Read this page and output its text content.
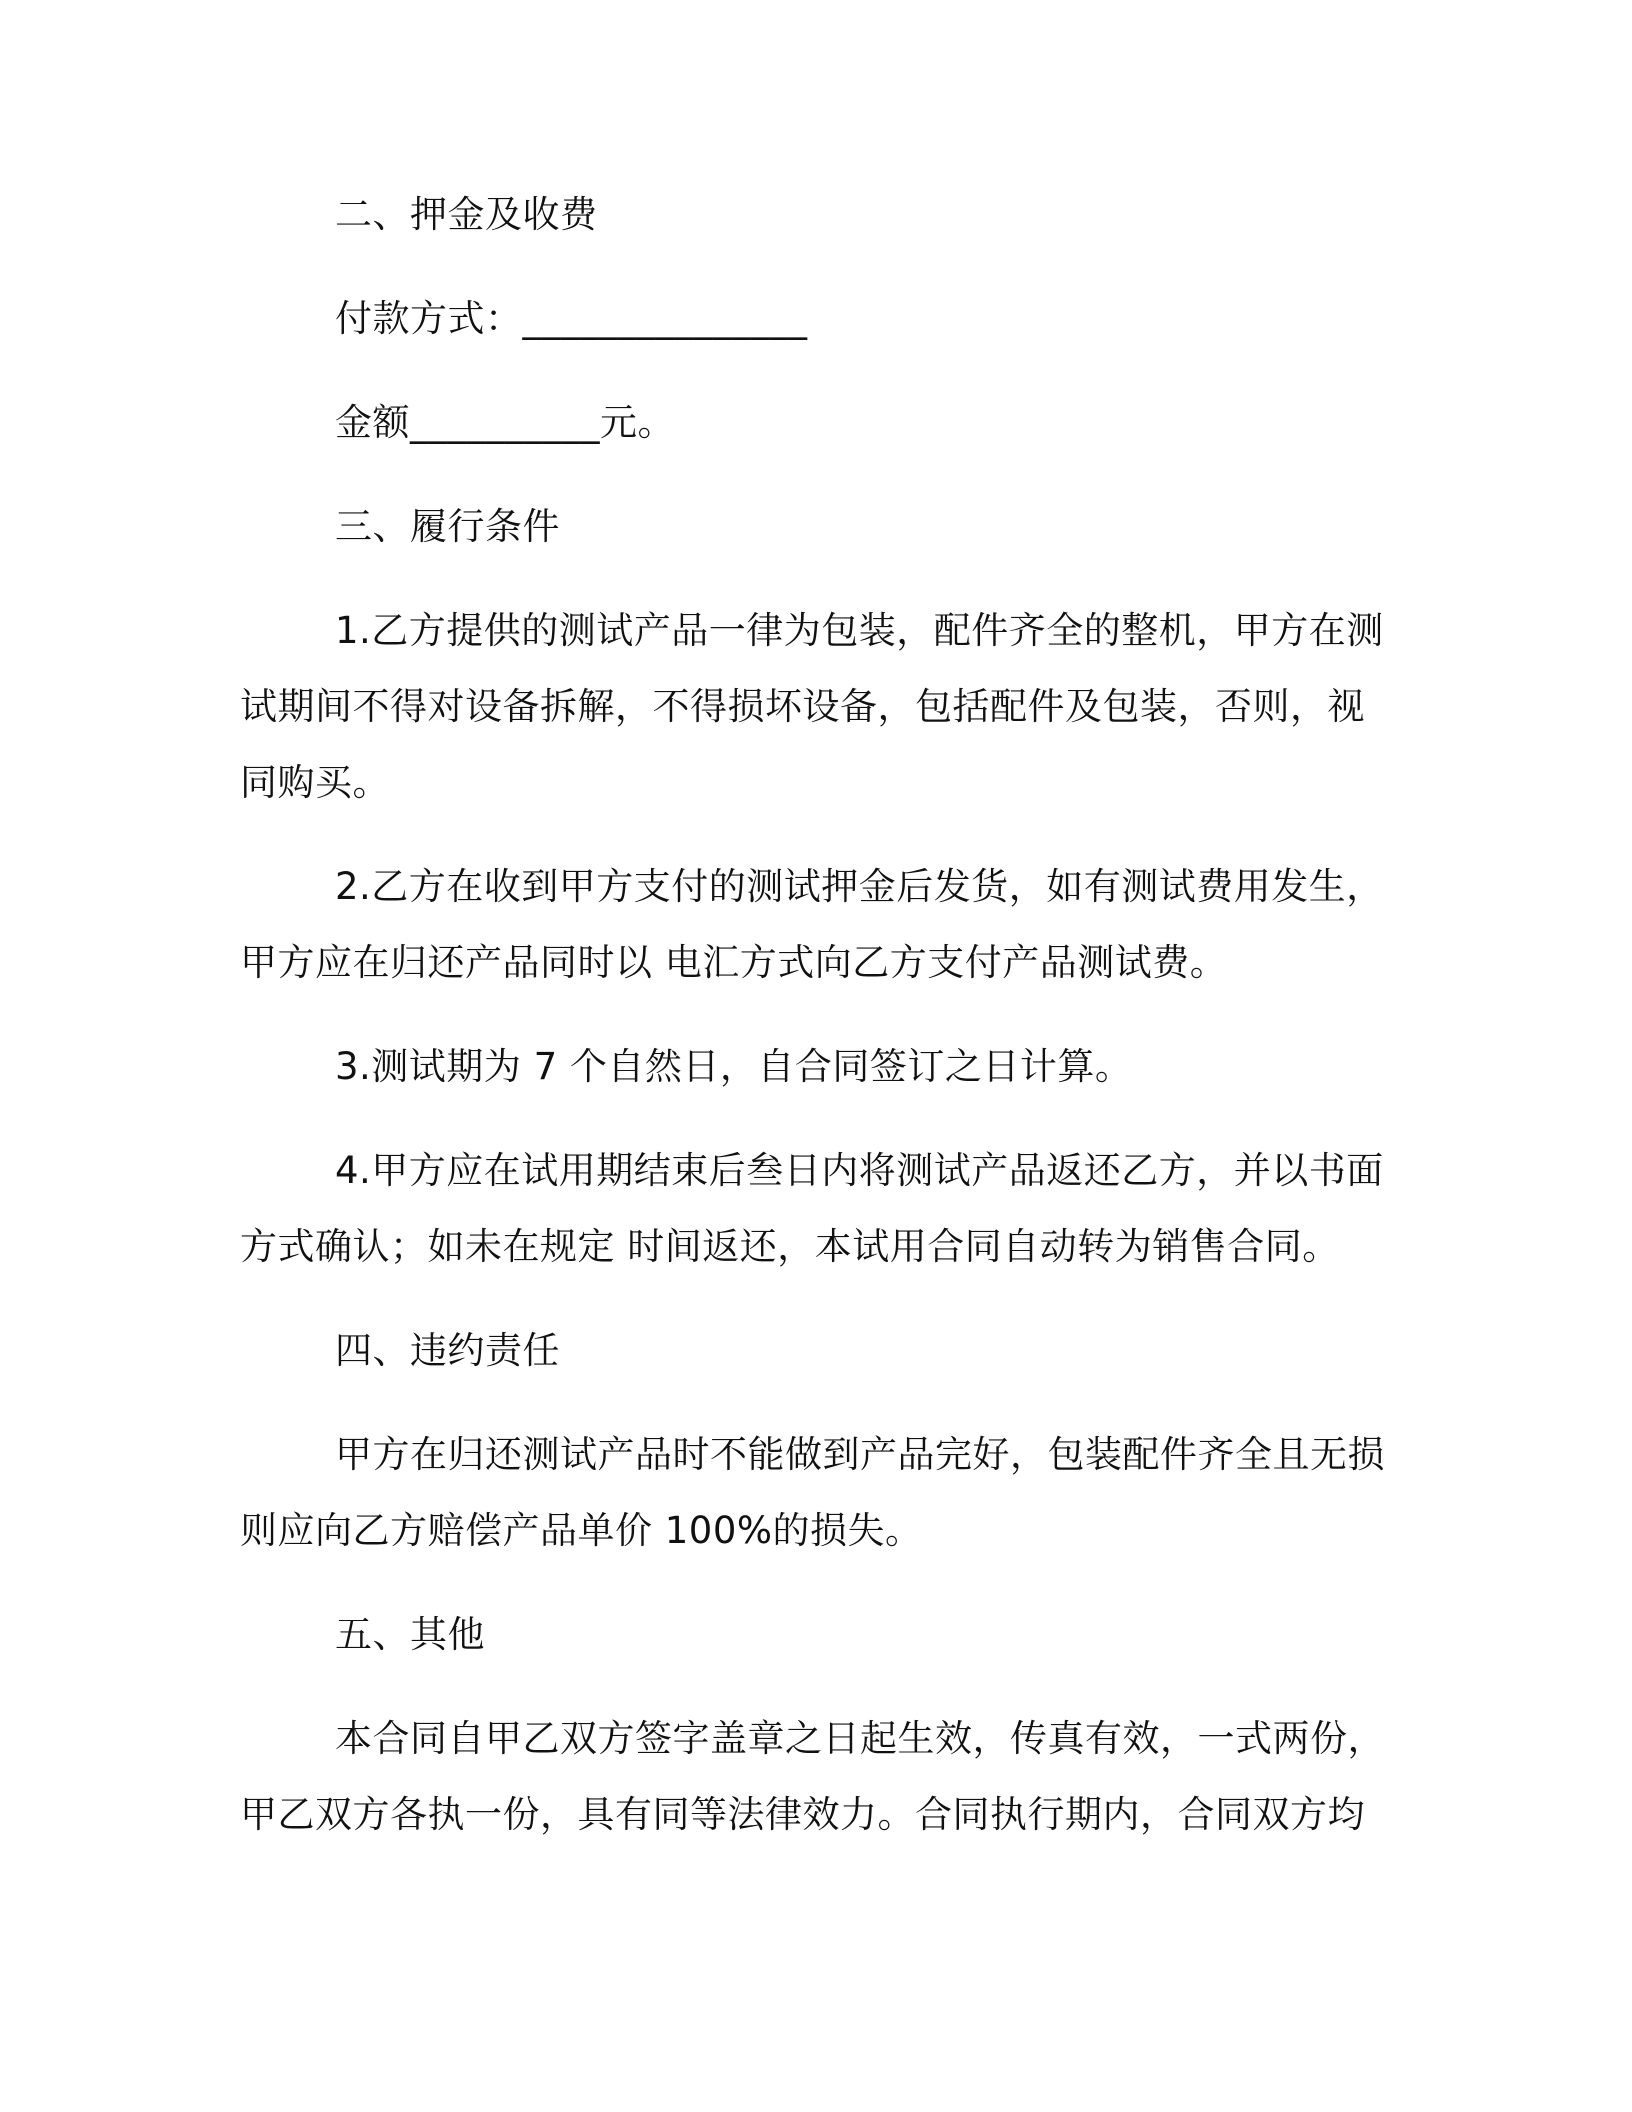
二、押金及收费
付款方式：_______________
金额__________元。
三、履行条件
1.乙方提供的测试产品一律为包装，配件齐全的整机，甲方在测
试期间不得对设备拆解，不得损坏设备，包括配件及包装，否则，视
同购买。
2.乙方在收到甲方支付的测试押金后发货，如有测试费用发生，
甲方应在归还产品同时以 电汇方式向乙方支付产品测试费。
3.测试期为 7 个自然日，自合同签订之日计算。
4.甲方应在试用期结束后叁日内将测试产品返还乙方，并以书面
方式确认；如未在规定 时间返还，本试用合同自动转为销售合同。
四、违约责任
甲方在归还测试产品时不能做到产品完好，包装配件齐全且无损
则应向乙方赔偿产品单价 100%的损失。
五、其他
本合同自甲乙双方签字盖章之日起生效，传真有效，一式两份，
甲乙双方各执一份，具有同等法律效力。合同执行期内，合同双方均
